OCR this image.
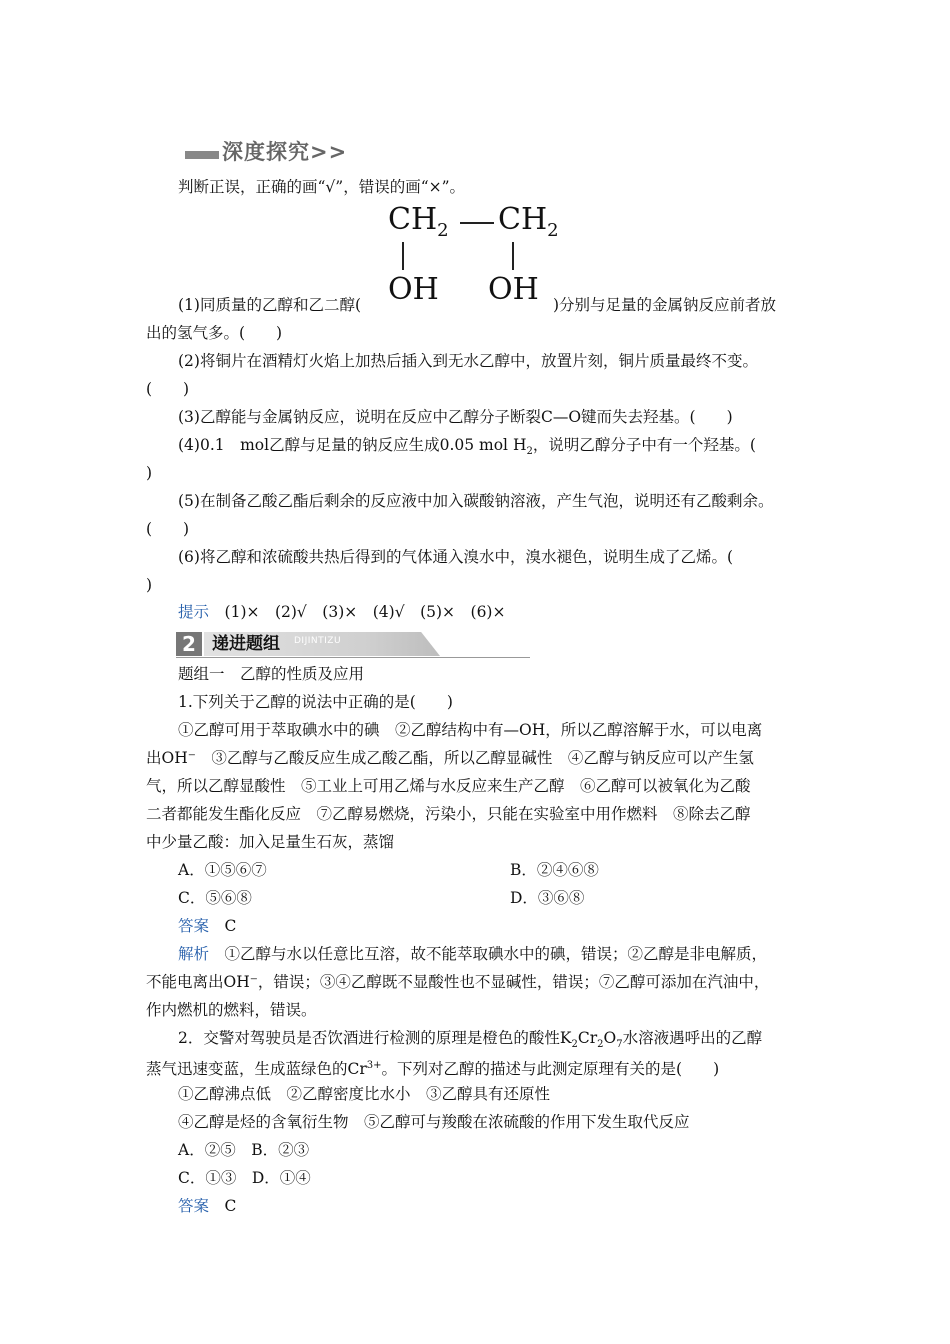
深度探究>>
判断正误，正确的画“√”，错误的画“×”。
$CH_2$ $CH_2$
OH OH
(1)同质量的乙醇和乙二醇(	)分别与足量的金属钠反应前者放
出的氢气多。(　　)
(2)将铜片在酒精灯火焰上加热后插入到无水乙醇中，放置片刻，铜片质量最终不变。
(　　)
(3)乙醇能与金属钠反应，说明在反应中乙醇分子断裂C—O键而失去羟基。(　　)
(4)0.1　mol乙醇与足量的钠反应生成0.05 mol $H_2$，说明乙醇分子中有一个羟基。(
)
(5)在制备乙酸乙酯后剩余的反应液中加入碳酸钠溶液，产生气泡，说明还有乙酸剩余。
(　　)
(6)将乙醇和浓硫酸共热后得到的气体通入溴水中，溴水褪色，说明生成了乙烯。(
)
提示　 (1)×　(2)√　(3)×　(4)√　(5)×　(6)×
2 递进题组 DIJINTIZU
题组一　乙醇的性质及应用
1.下列关于乙醇的说法中正确的是(　　)
①乙醇可用于萃取碘水中的碘　②乙醇结构中有—OH，所以乙醇溶解于水，可以电离
出OH⁻　③乙醇与乙酸反应生成乙酸乙酯，所以乙醇显碱性　④乙醇与钠反应可以产生氢
气，所以乙醇显酸性　⑤工业上可用乙烯与水反应来生产乙醇　⑥乙醇可以被氧化为乙酸
二者都能发生酯化反应　⑦乙醇易燃烧，污染小，只能在实验室中用作燃料　⑧除去乙醇
中少量乙酸：加入足量生石灰，蒸馏
A．①⑤⑥⑦	B．②④⑥⑧
C．⑤⑥⑧	D．③⑥⑧
答案　 C
解析　 ①乙醇与水以任意比互溶，故不能萃取碘水中的碘，错误；②乙醇是非电解质，
不能电离出OH⁻，错误；③④乙醇既不显酸性也不显碱性，错误；⑦乙醇可添加在汽油中，
作内燃机的燃料，错误。
2．交警对驾驶员是否饮酒进行检测的原理是橙色的酸性$K_2Cr_2O_7$水溶液遇呼出的乙醇
蒸气迅速变蓝，生成蓝绿色的$Cr^{3+}$。下列对乙醇的描述与此测定原理有关的是(　　)
①乙醇沸点低　②乙醇密度比水小　③乙醇具有还原性
④乙醇是烃的含氧衍生物　⑤乙醇可与羧酸在浓硫酸的作用下发生取代反应
A．②⑤　B．②③
C．①③　D．①④
答案　 C
